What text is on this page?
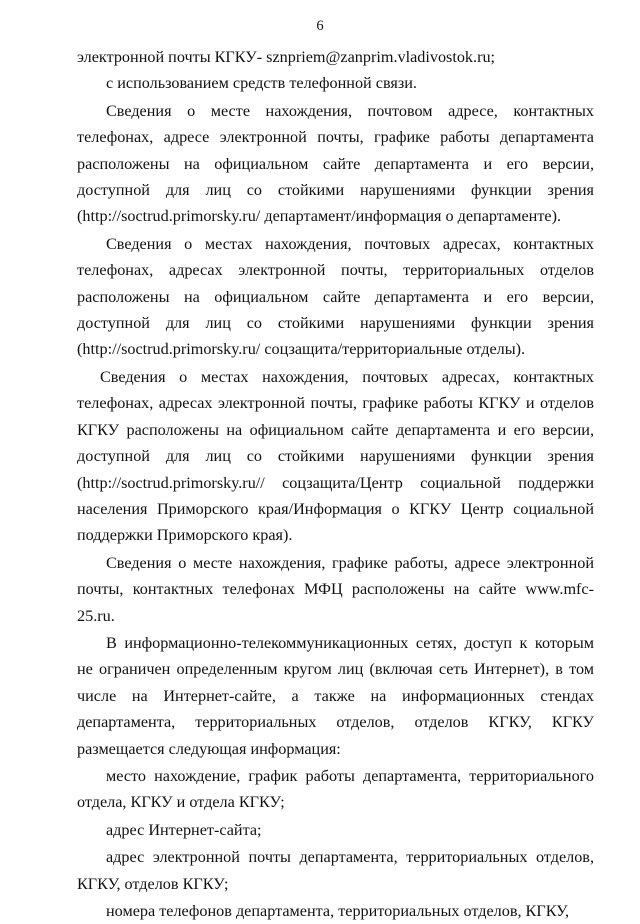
6

электронной почты КГКУ- sznpriem@zanprim.vladivostok.ru;

с использованием средств телефонной связи.

Сведения о месте нахождения, почтовом адресе, контактных телефонах, адресе электронной почты, графике работы департамента расположены на официальном сайте департамента и его версии, доступной для лиц со стойкими нарушениями функции зрения (http://soctrud.primorsky.ru/ департамент/информация о департаменте).

Сведения о местах нахождения, почтовых адресах, контактных телефонах, адресах электронной почты, территориальных отделов расположены на официальном сайте департамента и его версии, доступной для лиц со стойкими нарушениями функции зрения (http://soctrud.primorsky.ru/ соцзащита/территориальные отделы).

Сведения о местах нахождения, почтовых адресах, контактных телефонах, адресах электронной почты, графике работы КГКУ и отделов КГКУ расположены на официальном сайте департамента и его версии, доступной для лиц со стойкими нарушениями функции зрения (http://soctrud.primorsky.ru// соцзащита/Центр социальной поддержки населения Приморского края/Информация о КГКУ Центр социальной поддержки Приморского края).

Сведения о месте нахождения, графике работы, адресе электронной почты, контактных телефонах МФЦ расположены на сайте www.mfc-25.ru.

В информационно-телекоммуникационных сетях, доступ к которым не ограничен определенным кругом лиц (включая сеть Интернет), в том числе на Интернет-сайте, а также на информационных стендах департамента, территориальных отделов, отделов КГКУ, КГКУ размещается следующая информация:

место нахождение, график работы департамента, территориального отдела, КГКУ и отдела КГКУ;

адрес Интернет-сайта;

адрес электронной почты департамента, территориальных отделов, КГКУ, отделов КГКУ;

номера телефонов департамента, территориальных отделов, КГКУ,
